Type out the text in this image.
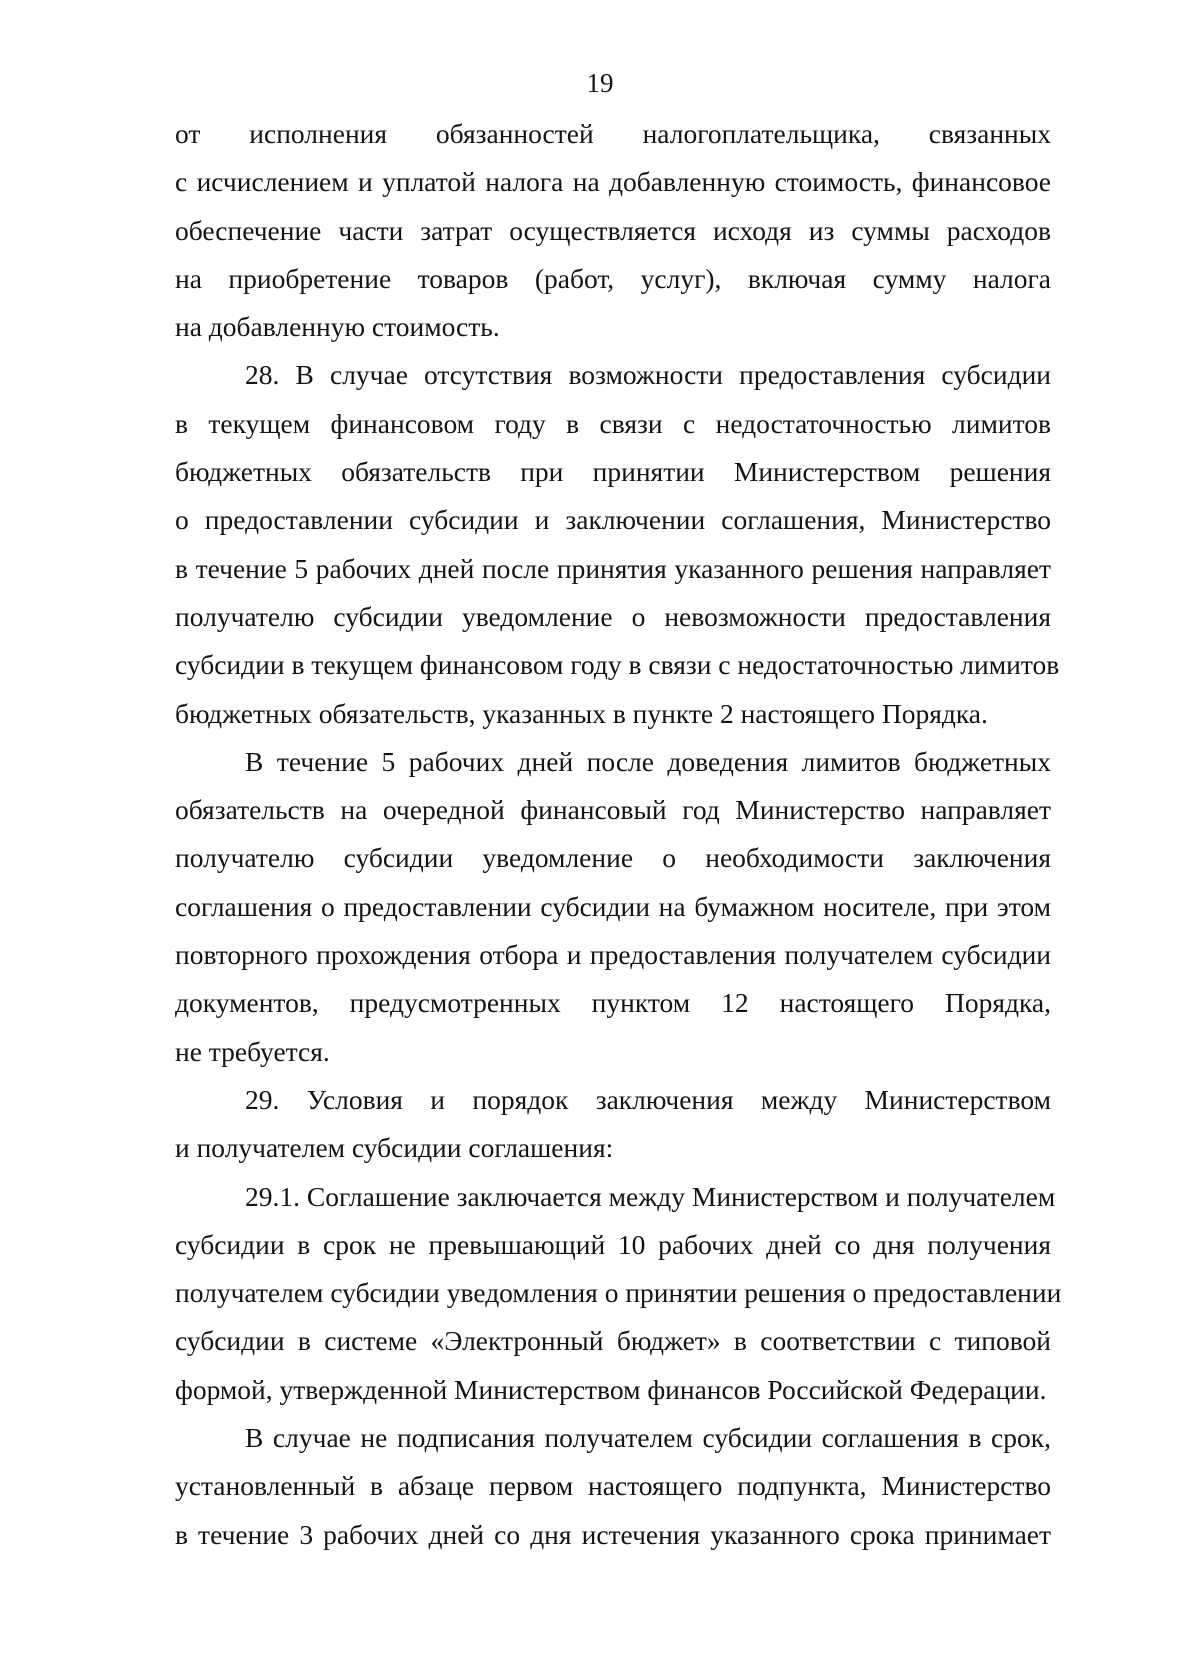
19
от исполнения обязанностей налогоплательщика, связанных
с исчислением и уплатой налога на добавленную стоимость, финансовое
обеспечение части затрат осуществляется исходя из суммы расходов
на приобретение товаров (работ, услуг), включая сумму налога
на добавленную стоимость.
28. В случае отсутствия возможности предоставления субсидии
в текущем финансовом году в связи с недостаточностью лимитов
бюджетных обязательств при принятии Министерством решения
о предоставлении субсидии и заключении соглашения, Министерство
в течение 5 рабочих дней после принятия указанного решения направляет
получателю субсидии уведомление о невозможности предоставления
субсидии в текущем финансовом году в связи с недостаточностью лимитов
бюджетных обязательств, указанных в пункте 2 настоящего Порядка.
В течение 5 рабочих дней после доведения лимитов бюджетных
обязательств на очередной финансовый год Министерство направляет
получателю субсидии уведомление о необходимости заключения
соглашения о предоставлении субсидии на бумажном носителе, при этом
повторного прохождения отбора и предоставления получателем субсидии
документов, предусмотренных пунктом 12 настоящего Порядка,
не требуется.
29. Условия и порядок заключения между Министерством
и получателем субсидии соглашения:
29.1. Соглашение заключается между Министерством и получателем
субсидии в срок не превышающий 10 рабочих дней со дня получения
получателем субсидии уведомления о принятии решения о предоставлении
субсидии в системе «Электронный бюджет» в соответствии с типовой
формой, утвержденной Министерством финансов Российской Федерации.
В случае не подписания получателем субсидии соглашения в срок,
установленный в абзаце первом настоящего подпункта, Министерство
в течение 3 рабочих дней со дня истечения указанного срока принимает
